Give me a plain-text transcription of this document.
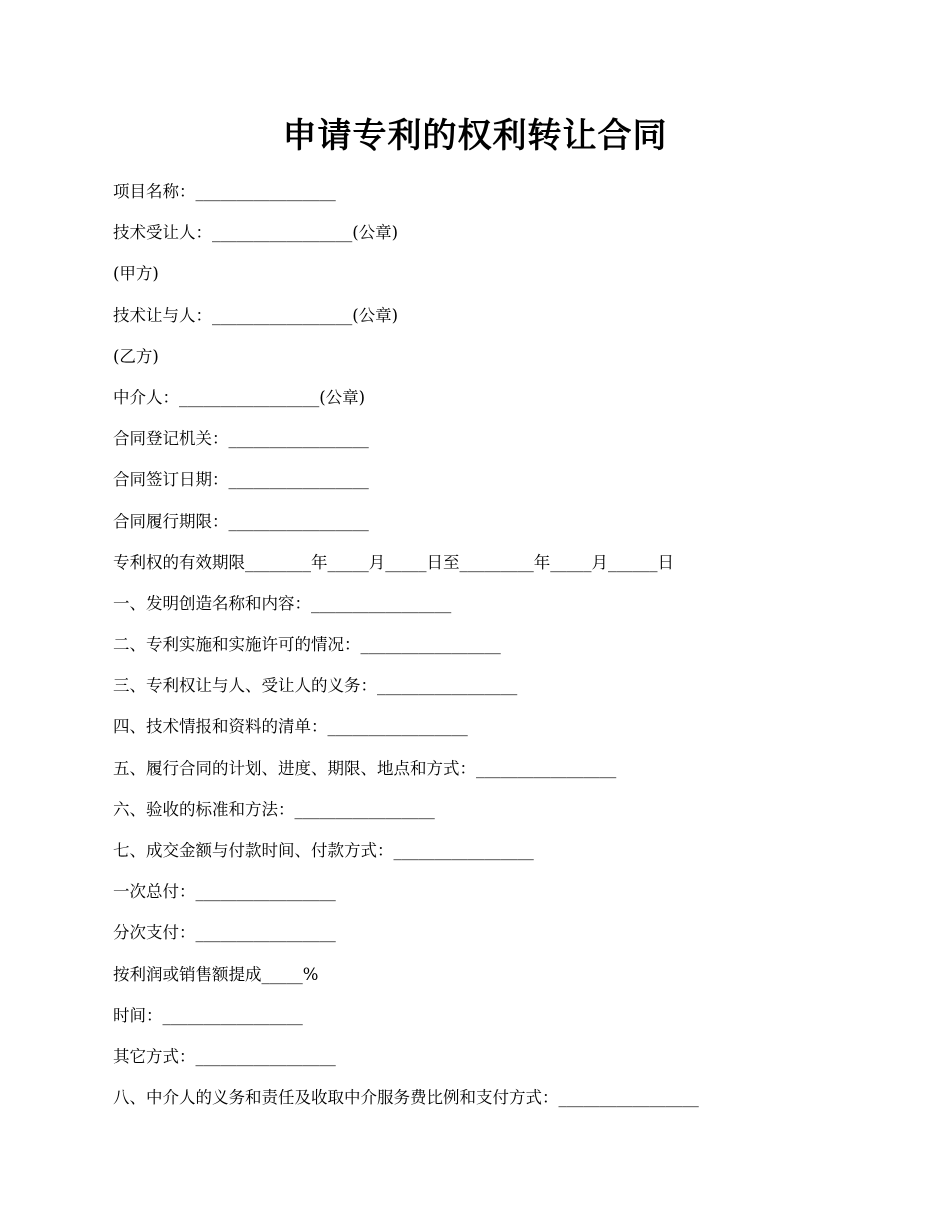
申请专利的权利转让合同
项目名称：_________________
技术受让人：_________________(公章)
(甲方)
技术让与人：_________________(公章)
(乙方)
中介人：_________________(公章)
合同登记机关：_________________
合同签订日期：_________________
合同履行期限：_________________
专利权的有效期限________年_____月_____日至_________年_____月______日
一、发明创造名称和内容：_________________
二、专利实施和实施许可的情况：_________________
三、专利权让与人、受让人的义务：_________________
四、技术情报和资料的清单：_________________
五、履行合同的计划、进度、期限、地点和方式：_________________
六、验收的标准和方法：_________________
七、成交金额与付款时间、付款方式：_________________
一次总付：_________________
分次支付：_________________
按利润或销售额提成_____%
时间：_________________
其它方式：_________________
八、中介人的义务和责任及收取中介服务费比例和支付方式：_________________
